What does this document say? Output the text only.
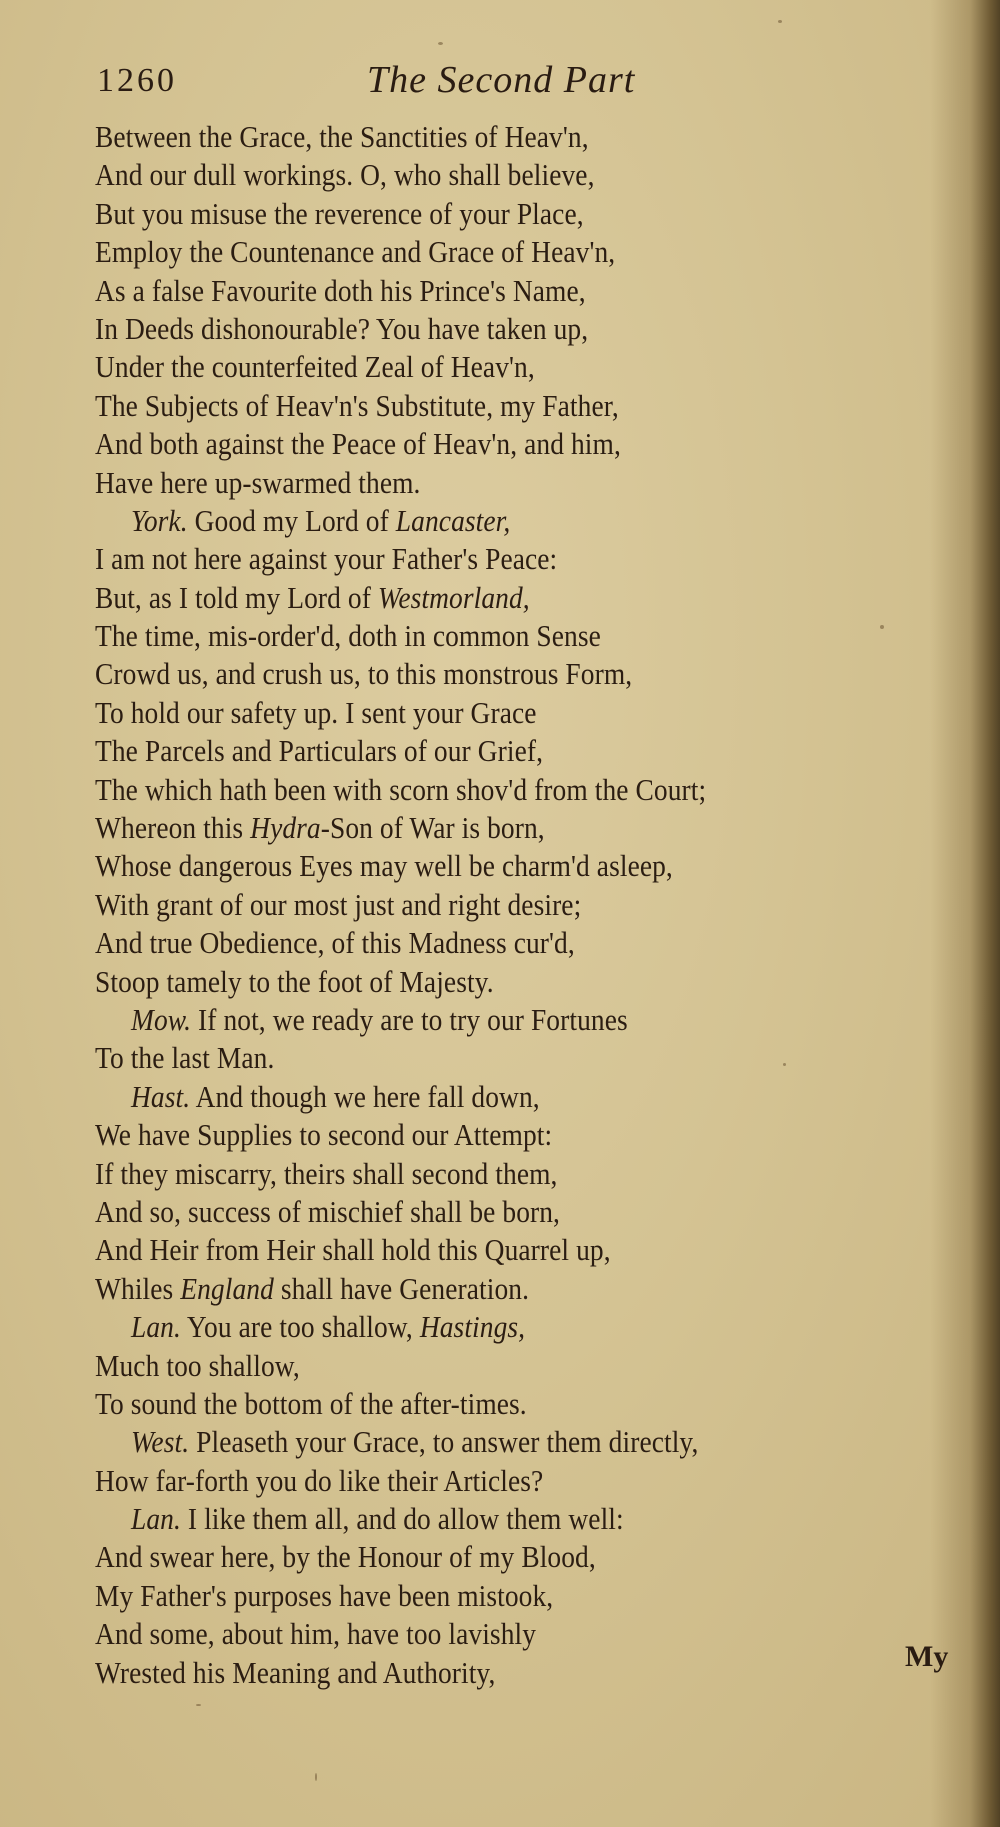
1260	The Second Part
Between the Grace, the Sanctities of Heav'n,
And our dull workings. O, who shall believe,
But you misuse the reverence of your Place,
Employ the Countenance and Grace of Heav'n,
As a false Favourite doth his Prince's Name,
In Deeds dishonourable? You have taken up,
Under the counterfeited Zeal of Heav'n,
The Subjects of Heav'n's Substitute, my Father,
And both against the Peace of Heav'n, and him,
Have here up-swarmed them.
York. Good my Lord of Lancaster,
I am not here against your Father's Peace:
But, as I told my Lord of Westmorland,
The time, mis-order'd, doth in common Sense
Crowd us, and crush us, to this monstrous Form,
To hold our safety up. I sent your Grace
The Parcels and Particulars of our Grief,
The which hath been with scorn shov'd from the Court;
Whereon this Hydra-Son of War is born,
Whose dangerous Eyes may well be charm'd asleep,
With grant of our most just and right desire;
And true Obedience, of this Madness cur'd,
Stoop tamely to the foot of Majesty.
Mow. If not, we ready are to try our Fortunes
To the last Man.
Hast. And though we here fall down,
We have Supplies to second our Attempt:
If they miscarry, theirs shall second them,
And so, success of mischief shall be born,
And Heir from Heir shall hold this Quarrel up,
Whiles England shall have Generation.
Lan. You are too shallow, Hastings,
Much too shallow,
To sound the bottom of the after-times.
West. Pleaseth your Grace, to answer them directly,
How far-forth you do like their Articles?
Lan. I like them all, and do allow them well:
And swear here, by the Honour of my Blood,
My Father's purposes have been mistook,
And some, about him, have too lavishly
Wrested his Meaning and Authority,	My
